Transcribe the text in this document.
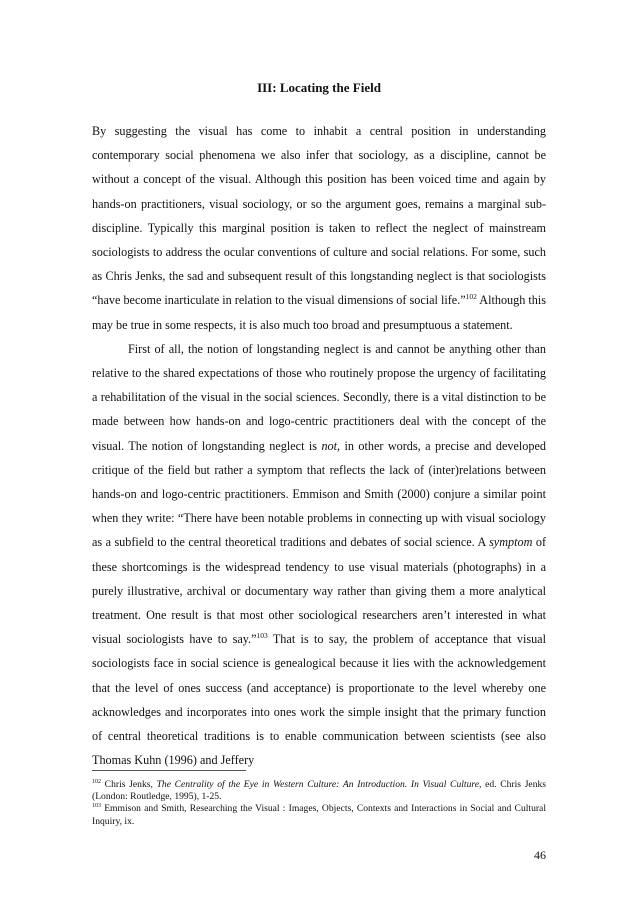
III: Locating the Field

By suggesting the visual has come to inhabit a central position in understanding contemporary social phenomena we also infer that sociology, as a discipline, cannot be without a concept of the visual. Although this position has been voiced time and again by hands-on practitioners, visual sociology, or so the argument goes, remains a marginal sub-discipline. Typically this marginal position is taken to reflect the neglect of mainstream sociologists to address the ocular conventions of culture and social relations. For some, such as Chris Jenks, the sad and subsequent result of this longstanding neglect is that sociologists “have become inarticulate in relation to the visual dimensions of social life.”$^{102}$ Although this may be true in some respects, it is also much too broad and presumptuous a statement.

First of all, the notion of longstanding neglect is and cannot be anything other than relative to the shared expectations of those who routinely propose the urgency of facilitating a rehabilitation of the visual in the social sciences. Secondly, there is a vital distinction to be made between how hands-on and logo-centric practitioners deal with the concept of the visual. The notion of longstanding neglect is not, in other words, a precise and developed critique of the field but rather a symptom that reflects the lack of (inter)relations between hands-on and logo-centric practitioners. Emmison and Smith (2000) conjure a similar point when they write: “There have been notable problems in connecting up with visual sociology as a subfield to the central theoretical traditions and debates of social science. A symptom of these shortcomings is the widespread tendency to use visual materials (photographs) in a purely illustrative, archival or documentary way rather than giving them a more analytical treatment. One result is that most other sociological researchers aren’t interested in what visual sociologists have to say.”$^{103}$ That is to say, the problem of acceptance that visual sociologists face in social science is genealogical because it lies with the acknowledgement that the level of ones success (and acceptance) is proportionate to the level whereby one acknowledges and incorporates into ones work the simple insight that the primary function of central theoretical traditions is to enable communication between scientists (see also Thomas Kuhn (1996) and Jeffery

$^{102}$ Chris Jenks, The Centrality of the Eye in Western Culture: An Introduction. In Visual Culture, ed. Chris Jenks (London: Routledge, 1995), 1-25.

$^{103}$ Emmison and Smith, Researching the Visual : Images, Objects, Contexts and Interactions in Social and Cultural Inquiry, ix.

46
